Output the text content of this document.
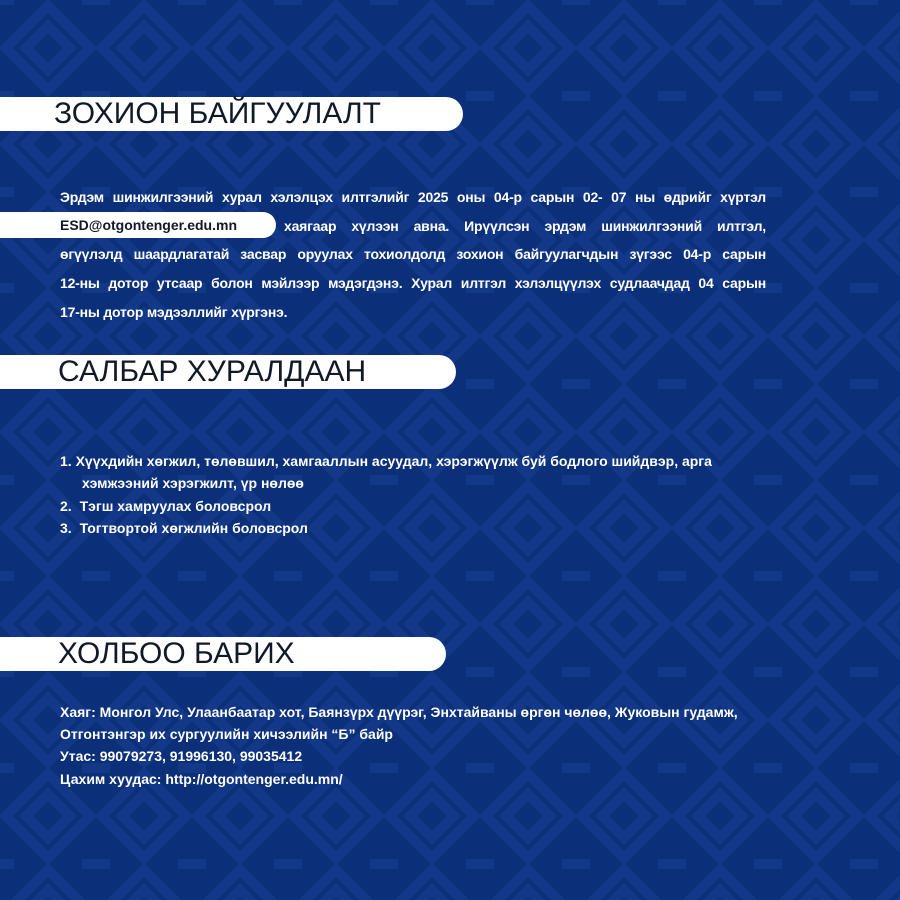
ЗОХИОН БАЙГУУЛАЛТ
Эрдэм шинжилгээний хурал хэлэлцэх илтгэлийг 2025 оны 04-р сарын 02- 07 ны өдрийг хүртэл
хаягаар хүлээн авна. Ирүүлсэн эрдэм шинжилгээний илтгэл,
өгүүлэлд шаардлагатай засвар оруулах тохиолдолд зохион байгуулагчдын зүгээс 04-р сарын
12-ны дотор утсаар болон мэйлээр мэдэгдэнэ. Хурал илтгэл хэлэлцүүлэх судлаачдад 04 сарын
17-ны дотор мэдээллийг хүргэнэ.
ESD@otgontenger.edu.mn
САЛБАР ХУРАЛДААН
1. Хүүхдийн хөгжил, төлөвшил, хамгааллын асуудал, хэрэгжүүлж буй бодлого шийдвэр, арга
хэмжээний хэрэгжилт, үр нөлөө
2. Тэгш хамруулах боловсрол
3. Тогтвортой хөгжлийн боловсрол
ХОЛБОО БАРИХ
Хаяг: Монгол Улс, Улаанбаатар хот, Баянзүрх дүүрэг, Энхтайваны өргөн чөлөө, Жуковын гудамж,
Отгонтэнгэр их сургуулийн хичээлийн “Б” байр
Утас: 99079273, 91996130, 99035412
Цахим хуудас: http://otgontenger.edu.mn/
